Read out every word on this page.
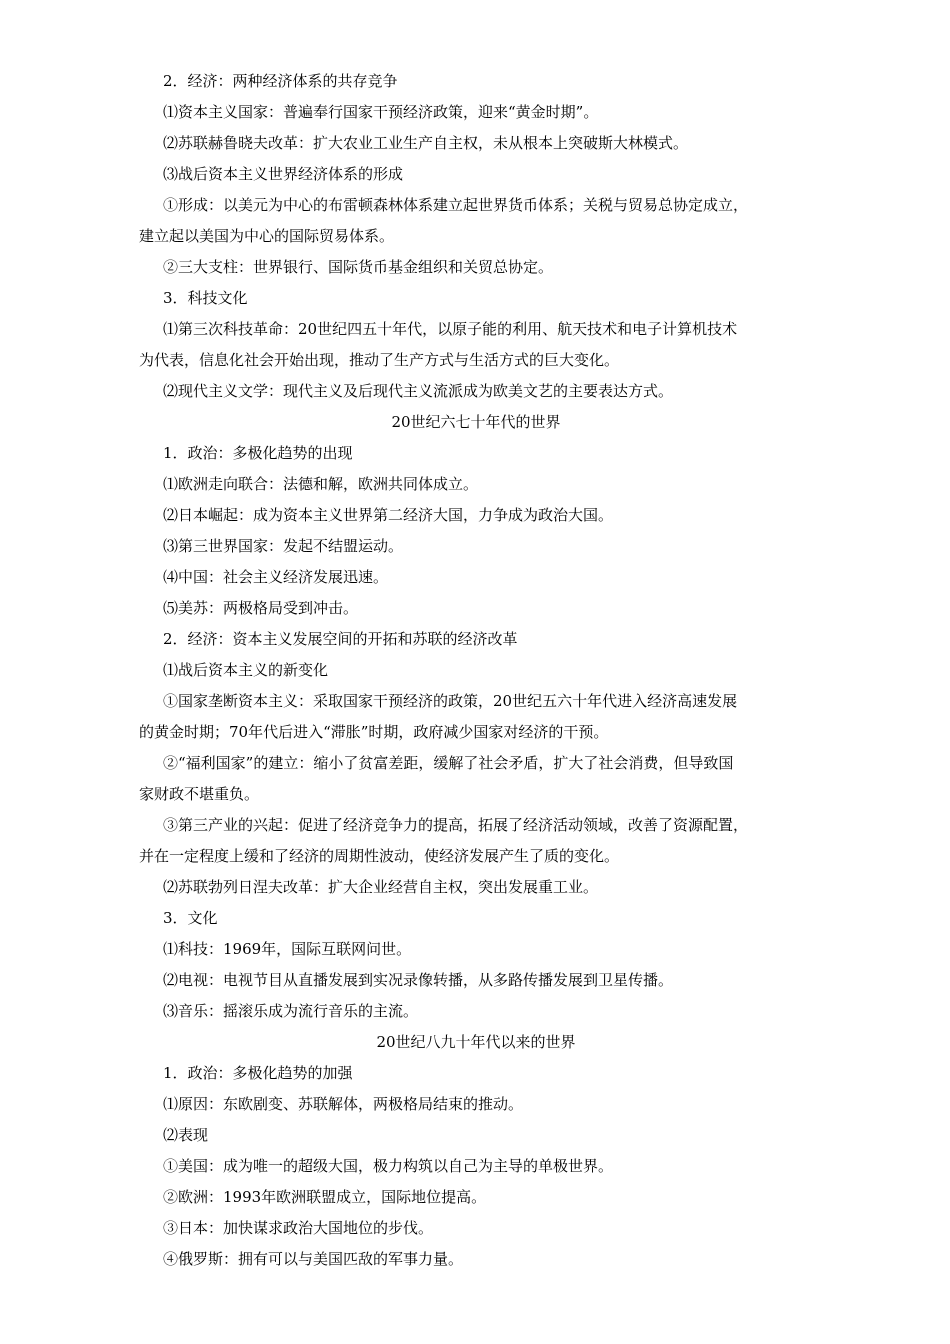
2．经济：两种经济体系的共存竞争
⑴资本主义国家：普遍奉行国家干预经济政策，迎来“黄金时期”。
⑵苏联赫鲁晓夫改革：扩大农业工业生产自主权，未从根本上突破斯大林模式。
⑶战后资本主义世界经济体系的形成
①形成：以美元为中心的布雷顿森林体系建立起世界货币体系；关税与贸易总协定成立，
建立起以美国为中心的国际贸易体系。
②三大支柱：世界银行、国际货币基金组织和关贸总协定。
3．科技文化
⑴第三次科技革命：20世纪四五十年代，以原子能的利用、航天技术和电子计算机技术
为代表，信息化社会开始出现，推动了生产方式与生活方式的巨大变化。
⑵现代主义文学：现代主义及后现代主义流派成为欧美文艺的主要表达方式。
20世纪六七十年代的世界
1．政治：多极化趋势的出现
⑴欧洲走向联合：法德和解，欧洲共同体成立。
⑵日本崛起：成为资本主义世界第二经济大国，力争成为政治大国。
⑶第三世界国家：发起不结盟运动。
⑷中国：社会主义经济发展迅速。
⑸美苏：两极格局受到冲击。
2．经济：资本主义发展空间的开拓和苏联的经济改革
⑴战后资本主义的新变化
①国家垄断资本主义：采取国家干预经济的政策，20世纪五六十年代进入经济高速发展
的黄金时期；70年代后进入“滞胀”时期，政府减少国家对经济的干预。
②“福利国家”的建立：缩小了贫富差距，缓解了社会矛盾，扩大了社会消费，但导致国
家财政不堪重负。
③第三产业的兴起：促进了经济竞争力的提高，拓展了经济活动领域，改善了资源配置，
并在一定程度上缓和了经济的周期性波动，使经济发展产生了质的变化。
⑵苏联勃列日涅夫改革：扩大企业经营自主权，突出发展重工业。
3．文化
⑴科技：1969年，国际互联网问世。
⑵电视：电视节目从直播发展到实况录像转播，从多路传播发展到卫星传播。
⑶音乐：摇滚乐成为流行音乐的主流。
20世纪八九十年代以来的世界
1．政治：多极化趋势的加强
⑴原因：东欧剧变、苏联解体，两极格局结束的推动。
⑵表现
①美国：成为唯一的超级大国，极力构筑以自己为主导的单极世界。
②欧洲：1993年欧洲联盟成立，国际地位提高。
③日本：加快谋求政治大国地位的步伐。
④俄罗斯：拥有可以与美国匹敌的军事力量。
